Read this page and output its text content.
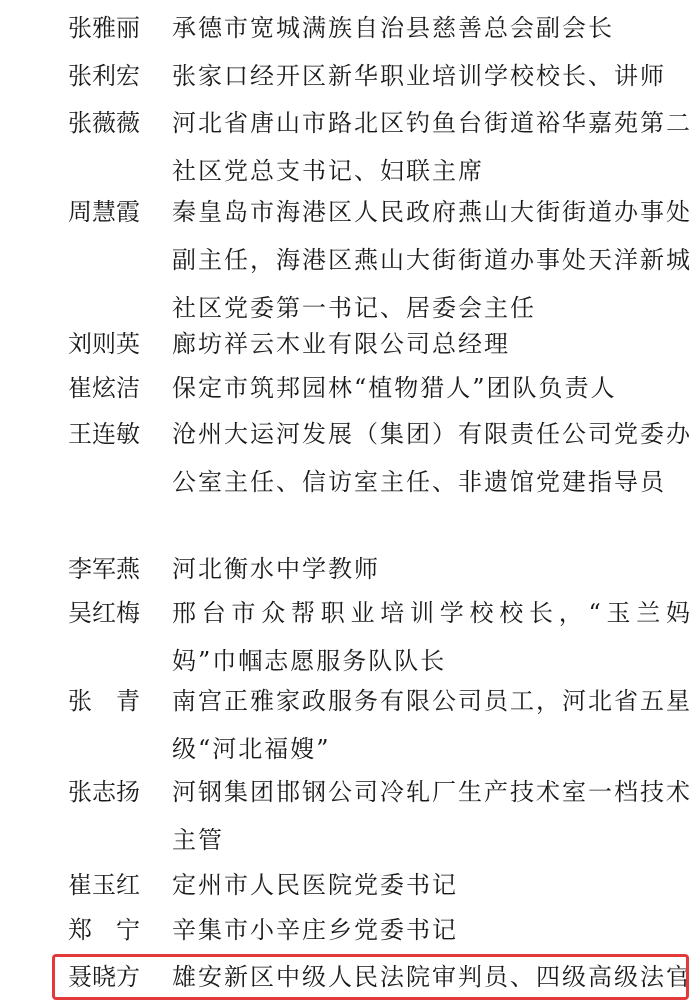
张雅丽	承德市宽城满族自治县慈善总会副会长
张利宏	张家口经开区新华职业培训学校校长、讲师
张薇薇	河北省唐山市路北区钓鱼台街道裕华嘉苑第二社区党总支书记、妇联主席
周慧霞	秦皇岛市海港区人民政府燕山大街街道办事处副主任，海港区燕山大街街道办事处天洋新城社区党委第一书记、居委会主任
刘则英	廊坊祥云木业有限公司总经理
崔炫洁	保定市筑邦园林“植物猎人”团队负责人
王连敏	沧州大运河发展（集团）有限责任公司党委办公室主任、信访室主任、非遗馆党建指导员
李军燕	河北衡水中学教师
吴红梅	邢台市众帮职业培训学校校长，“玉兰妈妈”巾帼志愿服务队队长
张　青	南宫正雅家政服务有限公司员工，河北省五星级“河北福嫂”
张志扬	河钢集团邯钢公司冷轧厂生产技术室一档技术主管
崔玉红	定州市人民医院党委书记
郑　宁	辛集市小辛庄乡党委书记
聂晓方	雄安新区中级人民法院审判员、四级高级法官
